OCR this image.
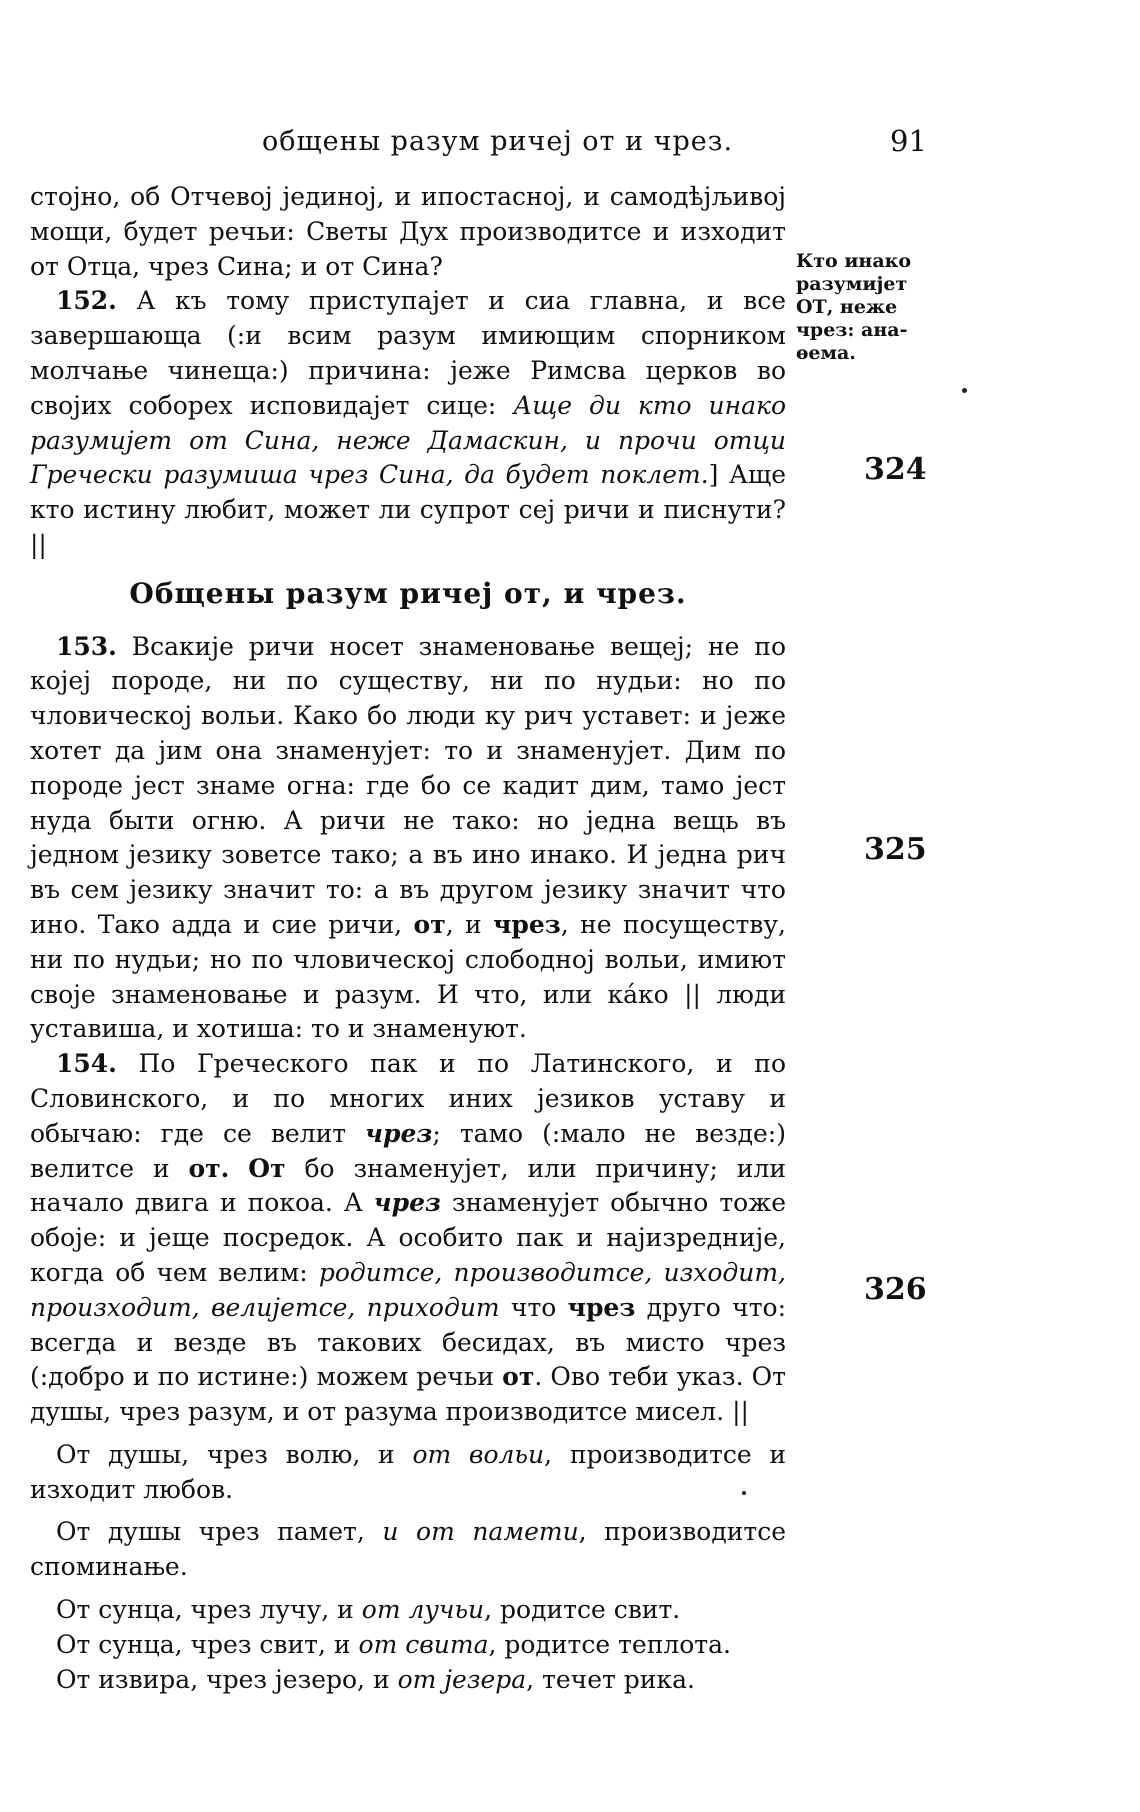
общены разум ричеј от и чрез.	91

стојно, об Отчевој јединој, и ипостасној, и самодѣјљивој мощи, будет речьи: Светы Дух производитсе и изходит от Отца, чрез Сина; и от Сина?

152. А къ тому приступајет и сиа главна, и все завершающа (:и всим разум имиющим спорником молчање чинеща:) причина: јеже Римсва церков во својих соборех исповидајет сице: Аще ди кто инако разумијет от Сина, неже Дамаскин, и прочи отци Гречески разумиша чрез Сина, да будет поклет.] Аще кто истину любит, может ли супрот сеј ричи и писнути? ||

Общены разум ричеј от, и чрез.

153. Всакије ричи носет знаменовање вещеј; не по којеј породе, ни по существу, ни по нудьи: но по чловическој вольи. Како бо люди ку рич уставет: и јеже хотет да јим она знаменујет: то и знаменујет. Дим по породе јест знаме огна: где бо се кадит дим, тамо јест нуда быти огню. А ричи не тако: но једна вещь въ једном језику зоветсе тако; а въ ино инако. И једна рич въ сем језику значит то: а въ другом језику значит что ино. Тако адда и сие ричи, от, и чрез, не посуществу, ни по нудьи; но по чловическој слободној вольи, имиют своје знаменовање и разум. И что, или ка́ко || люди уставиша, и хотиша: то и знаменуют.

154. По Греческого пак и по Латинского, и по Словинского, и по многих иних језиков уставу и обычаю: где се велит чрез; тамо (:мало не везде:) велитсе и от. От бо знаменујет, или причину; или начало двига и покоа. А чрез знаменујет обычно тоже обоје: и јеще посредок. А особито пак и најизреднијe, когда об чем велим: родитсе, производитсе, изходит, произходит, велијетсе, приходит что чрез друго что: всегда и везде въ такових бесидах, въ мисто чрез (:добро и по истине:) можем речьи от. Ово теби указ. От душы, чрез разум, и от разума производитсе мисел. ||

От душы, чрез волю, и от вольи, производитсе и изходит любов.

От душы чрез памет, и от памети, производитсе споминање.

От сунца, чрез лучу, и от лучьи, родитсе свит.

От сунца, чрез свит, и от свита, родитсе теплота.

От извира, чрез језеро, и от језера, течет рика.

Кто инако
разумијет
ОТ, неже
чрез: ана-
ѳема.
324
325
326
